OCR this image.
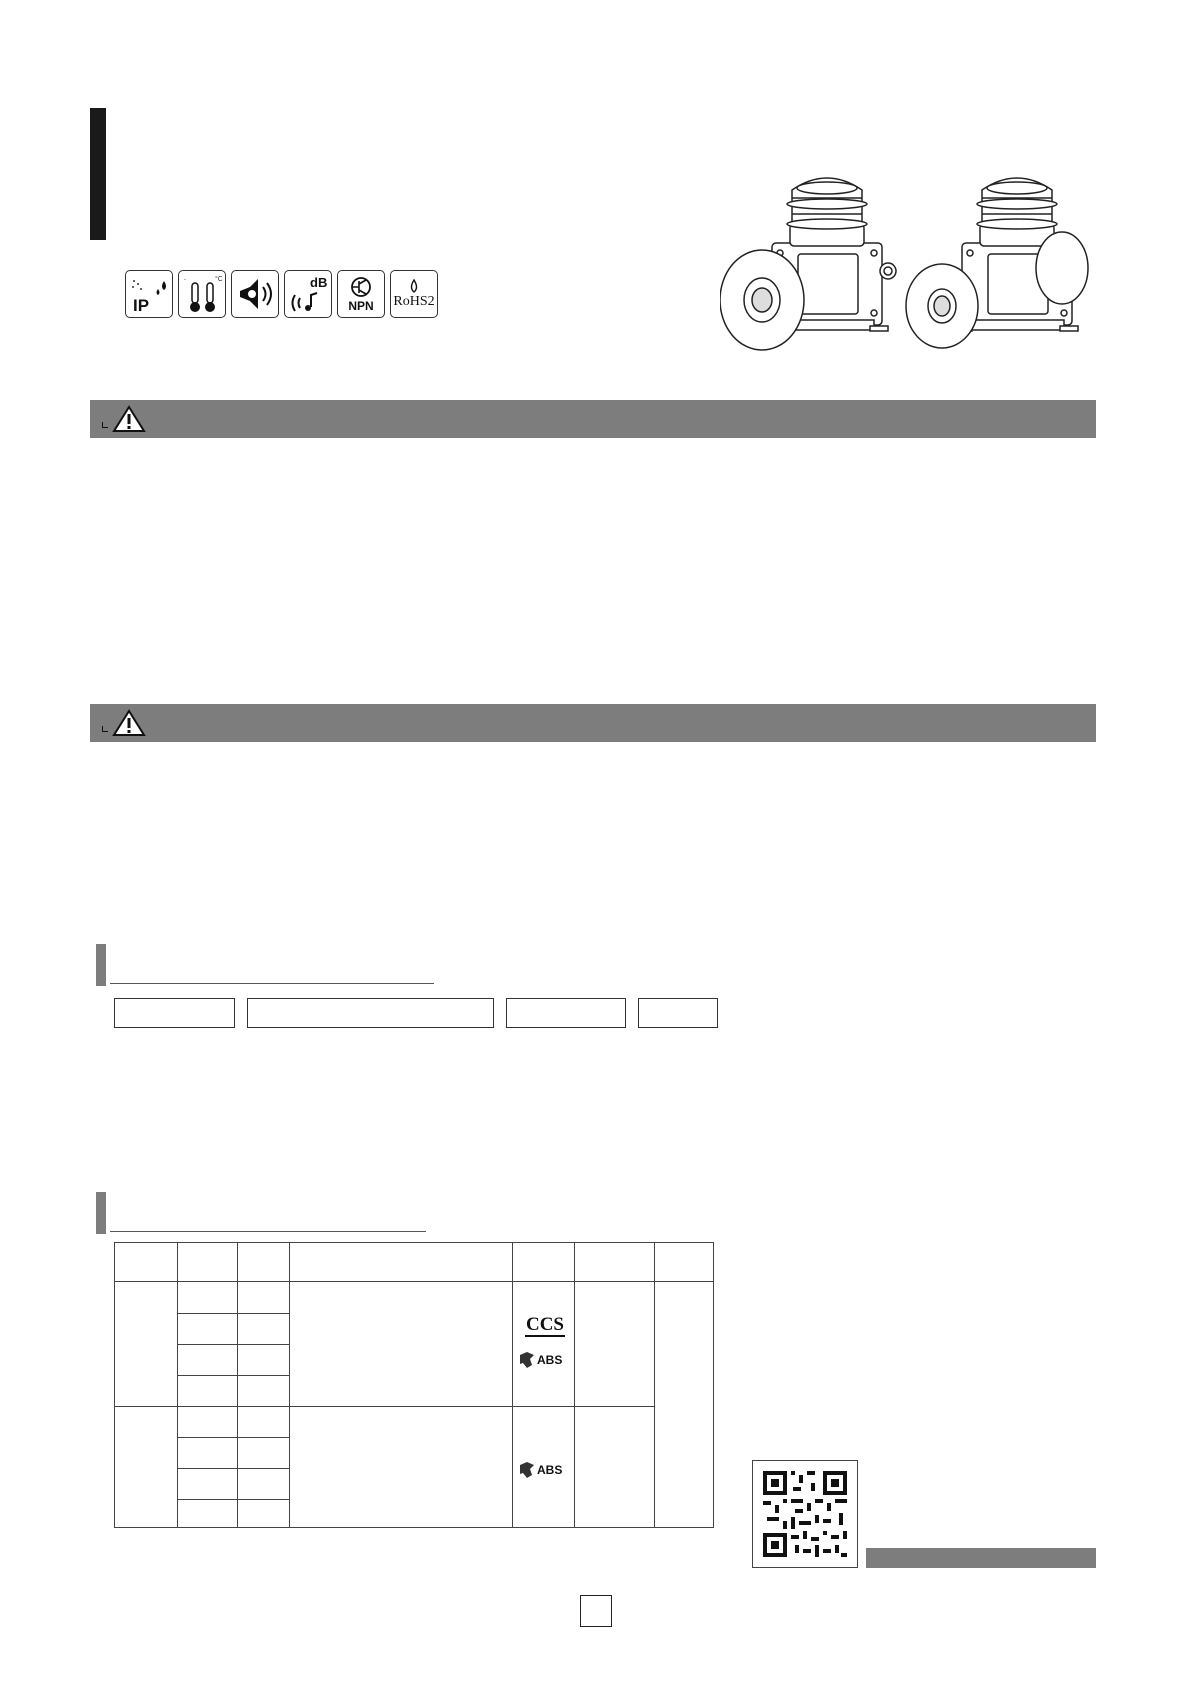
IP
-	°C	dB
NPN RoHS2
CCS
ABS
ABS
